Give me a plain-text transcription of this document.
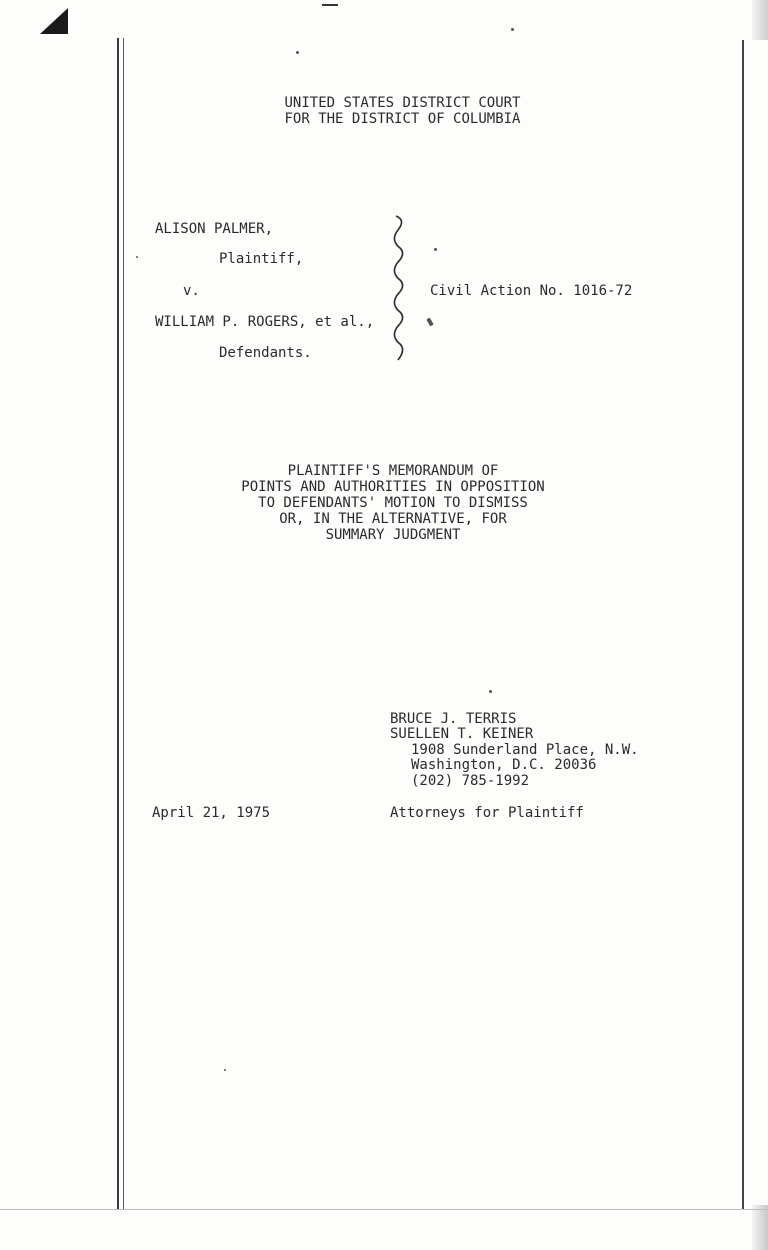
UNITED STATES DISTRICT COURT
FOR THE DISTRICT OF COLUMBIA
ALISON PALMER,
Plaintiff,
v.
WILLIAM P. ROGERS, et al.,
Defendants.
Civil Action No. 1016-72
PLAINTIFF'S MEMORANDUM OF
POINTS AND AUTHORITIES IN OPPOSITION
TO DEFENDANTS' MOTION TO DISMISS
OR, IN THE ALTERNATIVE, FOR
SUMMARY JUDGMENT
BRUCE J. TERRIS
SUELLEN T. KEINER
1908 Sunderland Place, N.W.
Washington, D.C. 20036
(202) 785-1992
Attorneys for Plaintiff
April 21, 1975
